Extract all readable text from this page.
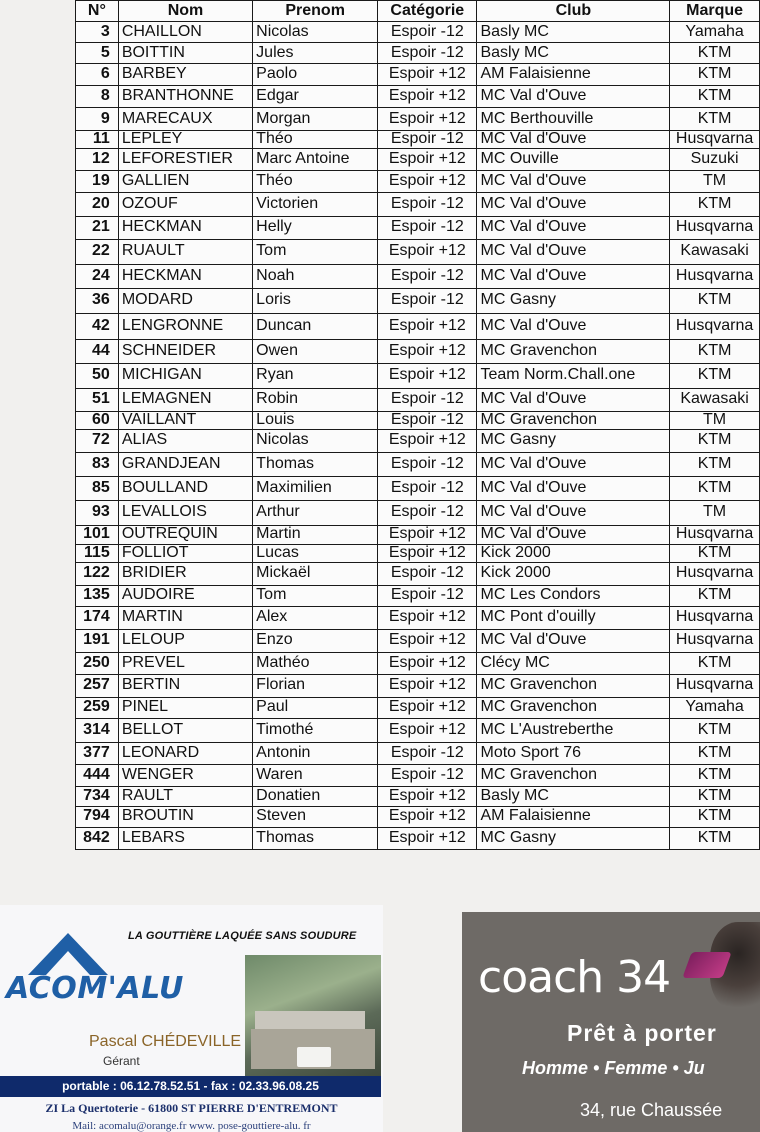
N°	Nom	Prenom	Catégorie	Club	Marque
3	CHAILLON	Nicolas	Espoir -12	Basly MC	Yamaha
5	BOITTIN	Jules	Espoir -12	Basly MC	KTM
6	BARBEY	Paolo	Espoir +12	AM Falaisienne	KTM
8	BRANTHONNE	Edgar	Espoir +12	MC Val d'Ouve	KTM
9	MARECAUX	Morgan	Espoir +12	MC Berthouville	KTM
11	LEPLEY	Théo	Espoir -12	MC Val d'Ouve	Husqvarna
12	LEFORESTIER	Marc Antoine	Espoir +12	MC Ouville	Suzuki
19	GALLIEN	Théo	Espoir +12	MC Val d'Ouve	TM
20	OZOUF	Victorien	Espoir -12	MC Val d'Ouve	KTM
21	HECKMAN	Helly	Espoir -12	MC Val d'Ouve	Husqvarna
22	RUAULT	Tom	Espoir +12	MC Val d'Ouve	Kawasaki
24	HECKMAN	Noah	Espoir -12	MC Val d'Ouve	Husqvarna
36	MODARD	Loris	Espoir -12	MC Gasny	KTM
42	LENGRONNE	Duncan	Espoir +12	MC Val d'Ouve	Husqvarna
44	SCHNEIDER	Owen	Espoir +12	MC Gravenchon	KTM
50	MICHIGAN	Ryan	Espoir +12	Team Norm.Chall.one	KTM
51	LEMAGNEN	Robin	Espoir -12	MC Val d'Ouve	Kawasaki
60	VAILLANT	Louis	Espoir -12	MC Gravenchon	TM
72	ALIAS	Nicolas	Espoir +12	MC Gasny	KTM
83	GRANDJEAN	Thomas	Espoir -12	MC Val d'Ouve	KTM
85	BOULLAND	Maximilien	Espoir -12	MC Val d'Ouve	KTM
93	LEVALLOIS	Arthur	Espoir -12	MC Val d'Ouve	TM
101	OUTREQUIN	Martin	Espoir +12	MC Val d'Ouve	Husqvarna
115	FOLLIOT	Lucas	Espoir +12	Kick 2000	KTM
122	BRIDIER	Mickaël	Espoir -12	Kick 2000	Husqvarna
135	AUDOIRE	Tom	Espoir -12	MC Les Condors	KTM
174	MARTIN	Alex	Espoir +12	MC Pont d'ouilly	Husqvarna
191	LELOUP	Enzo	Espoir +12	MC Val d'Ouve	Husqvarna
250	PREVEL	Mathéo	Espoir +12	Clécy MC	KTM
257	BERTIN	Florian	Espoir +12	MC Gravenchon	Husqvarna
259	PINEL	Paul	Espoir +12	MC Gravenchon	Yamaha
314	BELLOT	Timothé	Espoir +12	MC L'Austreberthe	KTM
377	LEONARD	Antonin	Espoir -12	Moto Sport 76	KTM
444	WENGER	Waren	Espoir -12	MC Gravenchon	KTM
734	RAULT	Donatien	Espoir +12	Basly MC	KTM
794	BROUTIN	Steven	Espoir +12	AM Falaisienne	KTM
842	LEBARS	Thomas	Espoir +12	MC Gasny	KTM
LA GOUTTIÈRE LAQUÉE SANS SOUDURE
ACOM'ALU
Pascal CHÉDEVILLE
Gérant
portable : 06.12.78.52.51 - fax : 02.33.96.08.25
ZI La Quertoterie - 61800 ST PIERRE D'ENTREMONT
Mail: acomalu@orange.fr www. pose-gouttiere-alu. fr
coach 34
Prêt à porter
Homme • Femme • Ju
34, rue Chaussée
